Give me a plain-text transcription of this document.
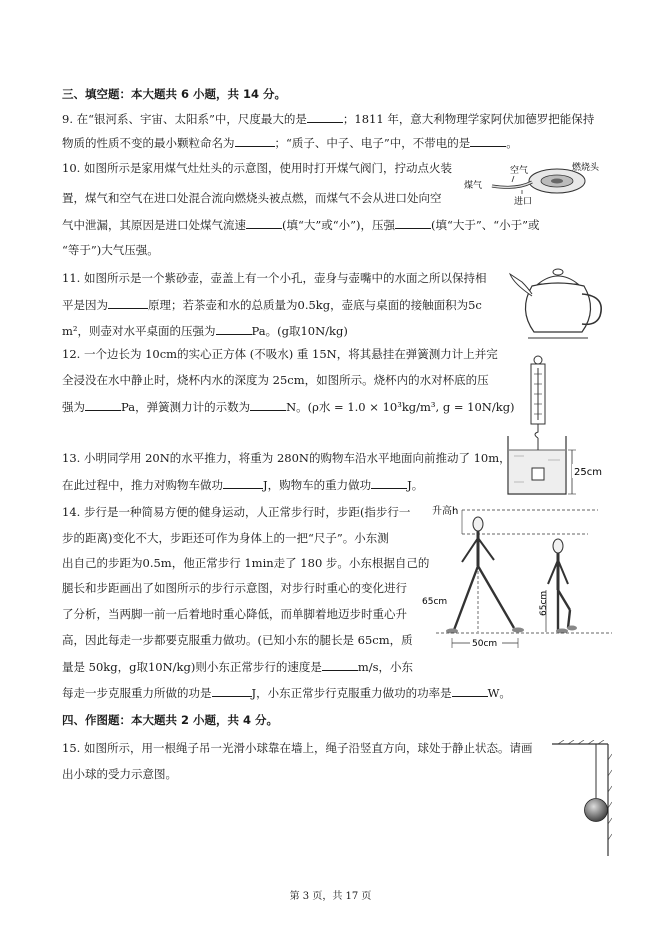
三、填空题：本大题共 6 小题，共 14 分。
9. 在“银河系、宇宙、太阳系”中，尺度最大的是	；1811 年，意大利物理学家阿伏加德罗把能保持
物质的性质不变的最小颗粒命名为	；“质子、中子、电子”中，不带电的是	。
10. 如图所示是家用煤气灶灶头的示意图，使用时打开煤气阀门，拧动点火装
置，煤气和空气在进口处混合流向燃烧头被点燃，而煤气不会从进口处向空
气中泄漏，其原因是进口处煤气流速	(填“大”或“小”)，压强	(填“大于”、“小于”或
“等于”)大气压强。
空气
煤气
燃烧头
进口
11. 如图所示是一个紫砂壶，壶盖上有一个小孔，壶身与壶嘴中的水面之所以保持相
平是因为	原理；若茶壶和水的总质量为0.5kg，壶底与桌面的接触面积为5c
m²，则壶对水平桌面的压强为	Pa。(g取10N/kg)
12. 一个边长为 10cm的实心正方体 (不吸水) 重 15N，将其悬挂在弹簧测力计上并完
全浸没在水中静止时，烧杯内水的深度为 25cm，如图所示。烧杯内的水对杯底的压
强为	Pa，弹簧测力计的示数为	N。(ρ水 = 1.0 × 10³kg/m³, g = 10N/kg)
25cm
13. 小明同学用 20N的水平推力，将重为 280N的购物车沿水平地面向前推动了 10m，
在此过程中，推力对购物车做功	J，购物车的重力做功	J。
14. 步行是一种简易方便的健身运动，人正常步行时，步距(指步行一
步的距离)变化不大，步距还可作为身体上的一把“尺子”。小东测
出自己的步距为0.5m，他正常步行 1min走了 180 步。小东根据自己的
腿长和步距画出了如图所示的步行示意图，对步行时重心的变化进行
了分析，当两脚一前一后着地时重心降低，而单脚着地迈步时重心升
高，因此每走一步都要克服重力做功。(已知小东的腿长是 65cm，质
量是 50kg，g取10N/kg)则小东正常步行的速度是	m/s，小东
每走一步克服重力所做的功是	J，小东正常步行克服重力做功的功率是	W。
升高h
65cm	65cm
50cm
四、作图题：本大题共 2 小题，共 4 分。
15. 如图所示，用一根绳子吊一光滑小球靠在墙上，绳子沿竖直方向，球处于静止状态。请画
出小球的受力示意图。
第 3 页，共 17 页
